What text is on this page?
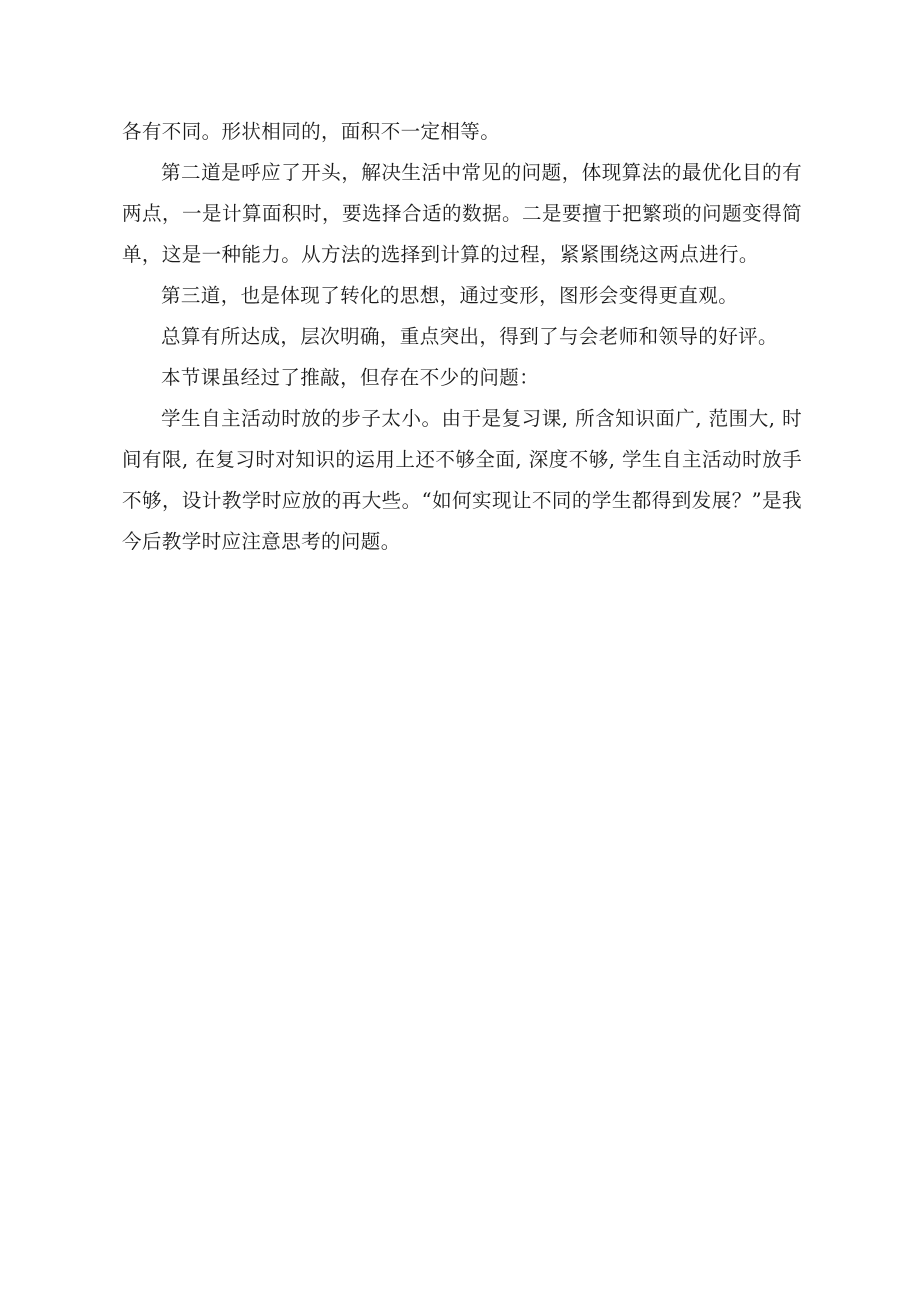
各有不同。形状相同的，面积不一定相等。

第二道是呼应了开头，解决生活中常见的问题，体现算法的最优化目的有两点，一是计算面积时，要选择合适的数据。二是要擅于把繁琐的问题变得简单，这是一种能力。从方法的选择到计算的过程，紧紧围绕这两点进行。

第三道，也是体现了转化的思想，通过变形，图形会变得更直观。

总算有所达成，层次明确，重点突出，得到了与会老师和领导的好评。

本节课虽经过了推敲，但存在不少的问题：

学生自主活动时放的步子太小。由于是复习课, 所含知识面广, 范围大, 时间有限, 在复习时对知识的运用上还不够全面, 深度不够, 学生自主活动时放手不够，设计教学时应放的再大些。“如何实现让不同的学生都得到发展？”是我今后教学时应注意思考的问题。
